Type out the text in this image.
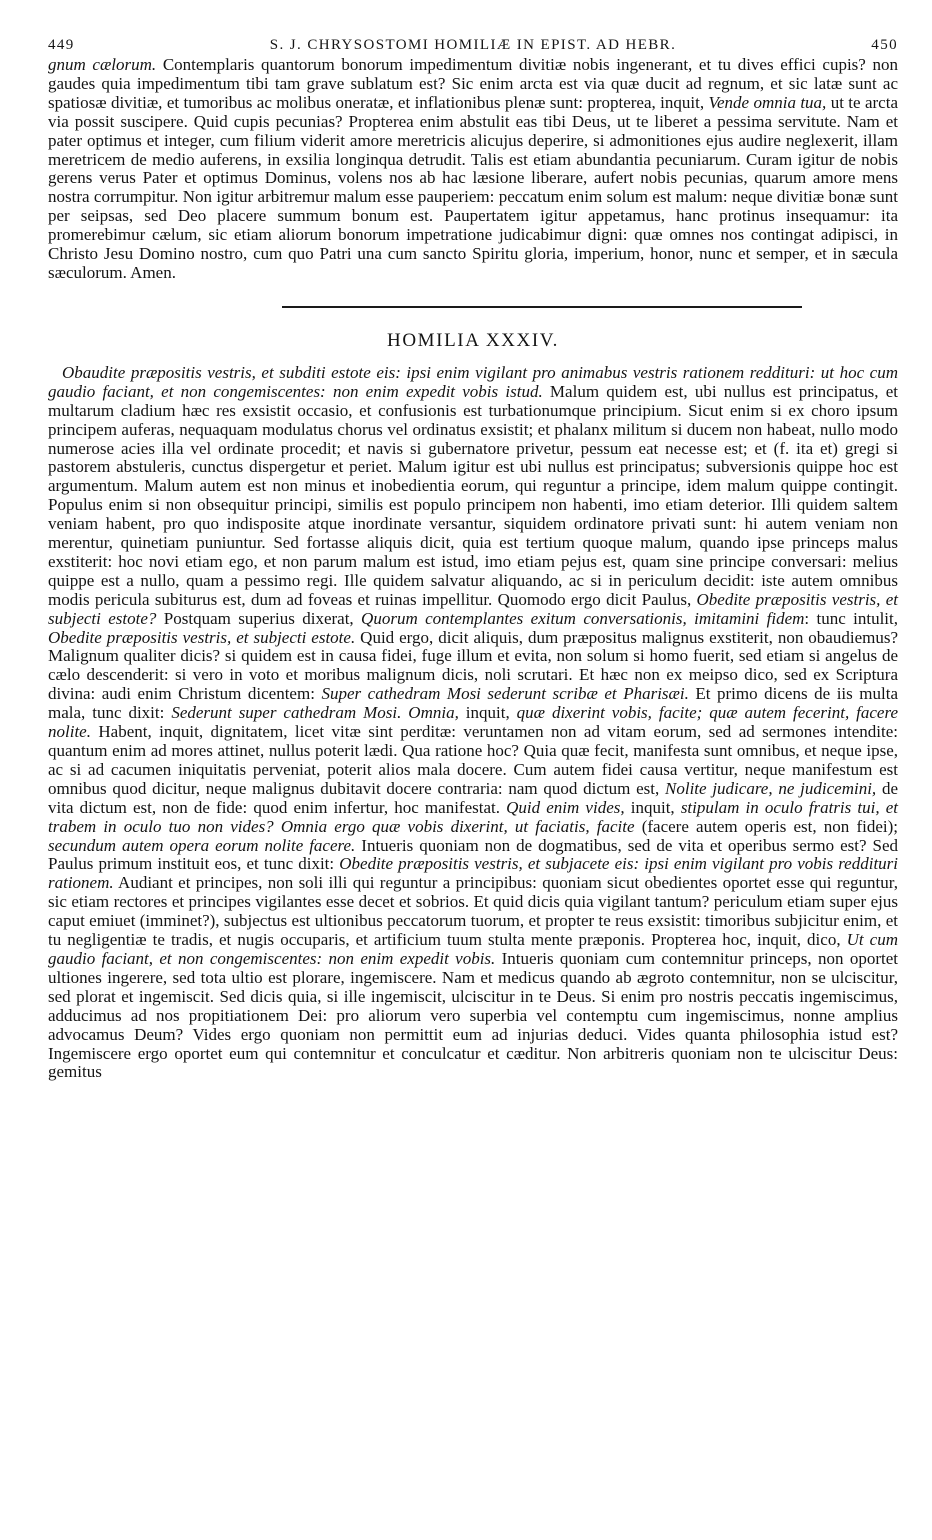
449	S. J. CHRYSOSTOMI HOMILIÆ IN EPIST. AD HEBR.	450

gnum cælorum. Contemplaris quantorum bonorum impedimentum divitiæ nobis ingenerant, et tu dives effici cupis? non gaudes quia impedimentum tibi tam grave sublatum est? Sic enim arcta est via quæ ducit ad regnum, et sic latæ sunt ac spatiosæ divitiæ, et tumoribus ac molibus oneratæ, et inflationibus plenæ sunt: propterea, inquit, Vende omnia tua, ut te arcta via possit suscipere. Quid cupis pecunias? Propterea enim abstulit eas tibi Deus, ut te liberet a pessima servitute. Nam et pater optimus et integer, cum filium viderit amore meretricis alicujus deperire, si admonitiones ejus audire neglexerit, illam meretricem de medio auferens, in exsilia longinqua detrudit. Talis est etiam abundantia pecuniarum. Curam igitur de nobis gerens verus Pater et optimus Dominus, volens nos ab hac læsione liberare, aufert nobis pecunias, quarum amore mens nostra corrumpitur. Non igitur arbitremur malum esse pauperiem: peccatum enim solum est malum: neque divitiæ bonæ sunt per seipsas, sed Deo placere summum bonum est. Paupertatem igitur appetamus, hanc protinus insequamur: ita promerebimur cælum, sic etiam aliorum bonorum impetratione judicabimur digni: quæ omnes nos contingat adipisci, in Christo Jesu Domino nostro, cum quo Patri una cum sancto Spiritu gloria, imperium, honor, nunc et semper, et in sæcula sæculorum. Amen.

HOMILIA XXXIV.

Obaudite præpositis vestris, et subditi estote eis: ipsi enim vigilant pro animabus vestris rationem reddituri: ut hoc cum gaudio faciant, et non congemiscentes: non enim expedit vobis istud. Malum quidem est, ubi nullus est principatus, et multarum cladium hæc res exsistit occasio, et confusionis est turbationumque principium. Sicut enim si ex choro ipsum principem auferas, nequaquam modulatus chorus vel ordinatus exsistit; et phalanx militum si ducem non habeat, nullo modo numerose acies illa vel ordinate procedit; et navis si gubernatore privetur, pessum eat necesse est; et (f. ita et) gregi si pastorem abstuleris, cunctus dispergetur et periet. Malum igitur est ubi nullus est principatus; subversionis quippe hoc est argumentum. Malum autem est non minus et inobedientia eorum, qui reguntur a principe, idem malum quippe contingit. Populus enim si non obsequitur principi, similis est populo principem non habenti, imo etiam deterior. Illi quidem saltem veniam habent, pro quo indisposite atque inordinate versantur, siquidem ordinatore privati sunt: hi autem veniam non merentur, quinetiam puniuntur. Sed fortasse aliquis dicit, quia est tertium quoque malum, quando ipse princeps malus exstiterit: hoc novi etiam ego, et non parum malum est istud, imo etiam pejus est, quam sine principe conversari: melius quippe est a nullo, quam a pessimo regi. Ille quidem salvatur aliquando, ac si in periculum decidit: iste autem omnibus modis pericula subiturus est, dum ad foveas et ruinas impellitur. Quomodo ergo dicit Paulus, Obedite præpositis vestris, et subjecti estote? Postquam superius dixerat, Quorum contemplantes exitum conversationis, imitamini fidem: tunc intulit, Obedite præpositis vestris, et subjecti estote. Quid ergo, dicit aliquis, dum præpositus malignus exstiterit, non obaudiemus? Malignum qualiter dicis? si quidem est in causa fidei, fuge illum et evita, non solum si homo fuerit, sed etiam si angelus de cælo descenderit: si vero in voto et moribus malignum dicis, noli scrutari. Et hæc non ex meipso dico, sed ex Scriptura divina: audi enim Christum dicentem: Super cathedram Mosi sederunt scribæ et Pharisæi. Et primo dicens de iis multa mala, tunc dixit: Sederunt super cathedram Mosi. Omnia, inquit, quæ dixerint vobis, facite; quæ autem fecerint, facere nolite. Habent, inquit, dignitatem, licet vitæ sint perditæ: veruntamen non ad vitam eorum, sed ad sermones intendite: quantum enim ad mores attinet, nullus poterit lædi. Qua ratione hoc? Quia quæ fecit, manifesta sunt omnibus, et neque ipse, ac si ad cacumen iniquitatis perveniat, poterit alios mala docere. Cum autem fidei causa vertitur, neque manifestum est omnibus quod dicitur, neque malignus dubitavit docere contraria: nam quod dictum est, Nolite judicare, ne judicemini, de vita dictum est, non de fide: quod enim infertur, hoc manifestat. Quid enim vides, inquit, stipulam in oculo fratris tui, et trabem in oculo tuo non vides? Omnia ergo quæ vobis dixerint, ut faciatis, facite (facere autem operis est, non fidei); secundum autem opera eorum nolite facere. Intueris quoniam non de dogmatibus, sed de vita et operibus sermo est? Sed Paulus primum instituit eos, et tunc dixit: Obedite præpositis vestris, et subjacete eis: ipsi enim vigilant pro vobis reddituri rationem. Audiant et principes, non soli illi qui reguntur a principibus: quoniam sicut obedientes oportet esse qui reguntur, sic etiam rectores et principes vigilantes esse decet et sobrios. Et quid dicis quia vigilant tantum? periculum etiam super ejus caput emiuet (imminet?), subjectus est ultionibus peccatorum tuorum, et propter te reus exsistit: timoribus subjicitur enim, et tu negligentiæ te tradis, et nugis occuparis, et artificium tuum stulta mente præponis. Propterea hoc, inquit, dico, Ut cum gaudio faciant, et non congemiscentes: non enim expedit vobis. Intueris quoniam cum contemnitur princeps, non oportet ultiones ingerere, sed tota ultio est plorare, ingemiscere. Nam et medicus quando ab ægroto contemnitur, non se ulciscitur, sed plorat et ingemiscit. Sed dicis quia, si ille ingemiscit, ulciscitur in te Deus. Si enim pro nostris peccatis ingemiscimus, adducimus ad nos propitiationem Dei: pro aliorum vero superbia vel contemptu cum ingemiscimus, nonne amplius advocamus Deum? Vides ergo quoniam non permittit eum ad injurias deduci. Vides quanta philosophia istud est? Ingemiscere ergo oportet eum qui contemnitur et conculcatur et cæditur. Non arbitreris quoniam non te ulciscitur Deus: gemitus
